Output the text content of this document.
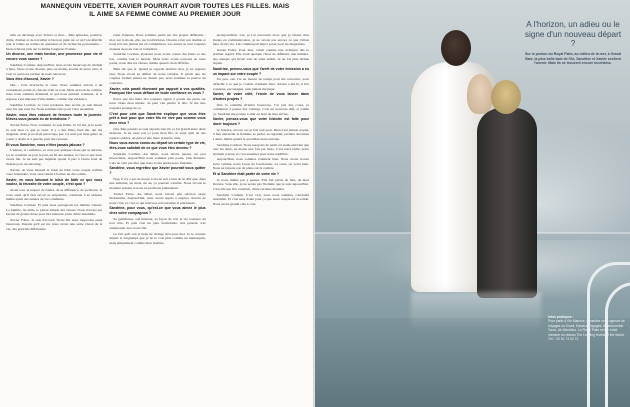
MANNEQUIN VEDETTE, XAVIER POURRAIT AVOIR TOUTES LES FILLES. MAIS IL AIME SA FEMME COMME AU PREMIER JOUR

telle en décalage avec Xavier et moi… Mes épisodes, positive, drôle, d'aimer et de travailler si bien en plein air, et où l'on réfléchit tout le temps en termes de questions et de recherche personnelle… Nous n'étions plus sur la même longueur d'ondes.

Un divorce, une main tendue, une promesse pour vie et encore vous sauver ?

Sandrine Corman. Aujourd'hui, nous avons beaucoup de chemin à faire. Nous avons chacun, plus ou moins, évolué de notre côté, et c'est ce qui nous permet de nous retrouver.

Vous êtes d'accord, Xavier ?

Oui… Cela m'arrache le cœur. Nous sommes arrivés à un croisement, parait-il, chacun avait sa voie. Mais au bout du compte, nous nous sommes demandé ce qui nous unissait vraiment, et la réponse s'est imposée d'elle-même, comme une évidence.

Sandrine Corman. Je vous pardonne mes écarts, je suis mieux avec lui que sans lui. Nous sommes faits pour vivre ensemble.

Xavier, vous êtes entouré de femmes toute la journée. N'avez-vous jamais eu de tentations ?

Xavier Fabre. Non, vraiment. Je suis fidèle. Je l'ai été, je le serai. Je sais bien ce que je veux. Il y a des filles, bien sûr, qui me draguent, mais je ne m'en préoccupe pas. Ce n'est pas mon genre de courir à droite et à gauche pour me rassurer.

Et vous Sandrine, vous n'êtes jamais jalouse ?

L'amour, la confiance, ce n'est pas quelque chose qui se décrète. Ça se construit au jour le jour, au fil des années, et c'est ce que nous avons fait. Je ne suis pas inquiète quand il part à l'autre bout du monde pour un shooting.

Xavier, en vous laissant le loisir de bâtir votre couple comme vous l'entendez, vous avez réussi à former un duo solide.

Xavier, en vous laissant le loisir de bâtir ce que vous voulez, la réussite de votre couple, c'est quoi ?

Avant tout, le respect de l'autre, de sa différence, de sa liberté. Je crois aussi qu'il faut savoir se surprendre, continuer à se séduire, même après des années de vie commune.

Sandrine Corman. Et puis nous partageons les mêmes valeurs. La famille, les amis, le plaisir simple des choses. Nous n'avons pas besoin de grand-chose pour être heureux, juste d'être ensemble.

Xavier Fabre. Je suis d'accord. Notre fils nous rapproche aussi beaucoup. Depuis qu'il est né, nous avons une autre vision de la vie, des priorités différentes.

taine d'années. Nous sommes partis sur des projets différents : moi, sur la mode, elle, sur la télévision. Chacun a fait son chemin et nous n'avons jamais été en compétition. Les autres se sont toujours étonnés de nous voir si complices.

Sandrine Corman. Pourtant nous avons connu des hauts et des bas, comme tout le monde. Mais nous avons toujours su nous parler, nous dire les choses, même quand c'était difficile.

Bien sûr que si. Quand je regarde derrière moi, je ne regrette rien. Nous avons su définir de notre relation. Il paraît que les couples formés jeunes ne durent pas, nous sommes la preuve du contraire.

Xavier, cela paraît étonnant par rapport à vos qualités. Pourquoi être vous défiant de toute confiance en vous ?

Parce que ma mère m'a toujours appris à garder les pieds sur terre. Dans mon métier, on peut vite perdre la tête. Je me suis toujours protégé de ça.

C'est pour cela que Sandrine explique que vous êtes prêt à tout pour que votre fils ne vive pas comme vous avez vécu ?

Oui. Mes parents se sont séparés très tôt, et j'ai grandi entre deux maisons. Je ne veux pas ça pour mon fils. Je veux qu'il ait des repères stables, un père et une mère présents, unis.

Nous vous avons connu au départ un certain type de vie, êtes-vous satisfait de ce que vous êtes devenu ?

Sandrine Corman. Au début, nous étions jeunes, un peu insouciants. Aujourd'hui nous sommes plus posés, plus matures. Cela ne veut pas dire que nous avons perdu notre fantaisie.

Sandrine, vous regrettez que Xavier pourrait vous quitter ?

Non, il n'y a pas de doute. Cela ne sert à rien de se dire que, dans une semaine, un mois, un an, ça pourrait s'arrêter. Nous vivons le moment présent et nous en profitons pleinement.

Xavier Fabre. Au début, nous avions une relation assez fusionnelle. Aujourd'hui, nous avons appris à respirer chacun de notre côté, et c'est ce qui rend nos retrouvailles si précieuses.

Sandrine, pour vous, qu'est-ce que vous aimez le plus chez votre compagnon ?

Sa gentillesse, son humour, sa façon de voir la vie toujours du bon côté. Et puis c'est un père formidable, très présent, très attentionné avec notre fils.

Le fait qu'il soit si beau ne change rien pour moi. Je le connais depuis si longtemps que je ne le vois plus comme un mannequin, mais simplement comme mon homme.

qu'aujourd'hui. Lui, je l'ai rencontré alors que je faisais mes études en communication, je ne savais pas encore ce que j'allais faire de ma vie. Lui commençait déjà à poser pour les magazines.

Xavier Fabre. Pour moi, c'était comme une évidence dès le premier regard. Elle avait quelque chose de différent, une lumière, une énergie qui m'ont tout de suite séduit. Je ne l'ai plus lâchée depuis.

Sandrine, pensez-vous que l'arrêt de votre émission a eu un impact sur votre couple ?

Un peu, oui. J'ai eu besoin de temps pour me retrouver, pour réfléchir à ce que je voulais vraiment faire. Xavier a été là, il m'a soutenue, encouragée, sans jamais me juger.

Xavier, de votre côté, l'envie de vous lancer dans d'autres projets ?

Oui, la comédie m'attire beaucoup. J'ai pris des cours, je commence à passer des castings. C'est un nouveau défi, et j'aime ça. Sandrine me pousse à aller au bout de mes envies.

Xavier, pensez-vous que votre histoire est faite pour durer toujours ?

Je l'espère, en tout cas je fais tout pour. Rien n'est jamais acquis, il faut entretenir la flamme, se parler, se regarder, prendre du temps à deux, même quand le quotidien nous rattrape.

Sandrine Corman. Nous essayons de partir en week-end rien que tous les deux, au moins une fois par mois. C'est notre bulle, notre moment à nous, et c'est essentiel pour notre équilibre.

Aujourd'hui, nous sommes vraiment bien. Nous avons trouvé notre rythme, notre façon de fonctionner. Le reste, on verra bien. Nous ne faisons pas de plans sur la comète.

Et si Sandrine était partie de votre vie ?

Je n'ose même pas y penser. Elle fait partie de moi, de mon histoire. Sans elle, je ne serais pas l'homme que je suis aujourd'hui. C'est elle qui m'a construit, d'une certaine manière.

Sandrine Corman. C'est vrai, nous nous sommes construits ensemble. Et c'est sans doute pour ça que notre couple est si solide. Nous avons grandi côte à côte.

A l'horizon, un adieu ou le signe d'un nouveau départ ?
Sur le ponton du Royal Palm, au milieu de la mer, à Grand Baie, la plus belle baie de l'île, Sandrine et Xavier scellent l'avenir. Mais ils se trouvent encore incertains.
Infos pratiques :
Pour partir à l'île Maurice, consultez votre agence de voyages ou Kuoni, Maurice Voyages, Beachcomber Tours, Air Mauritius. Le Royal Palm est un hôtel membre du réseau The Leading Hotels of the World. Tél. : 02 51 73 62 72.
